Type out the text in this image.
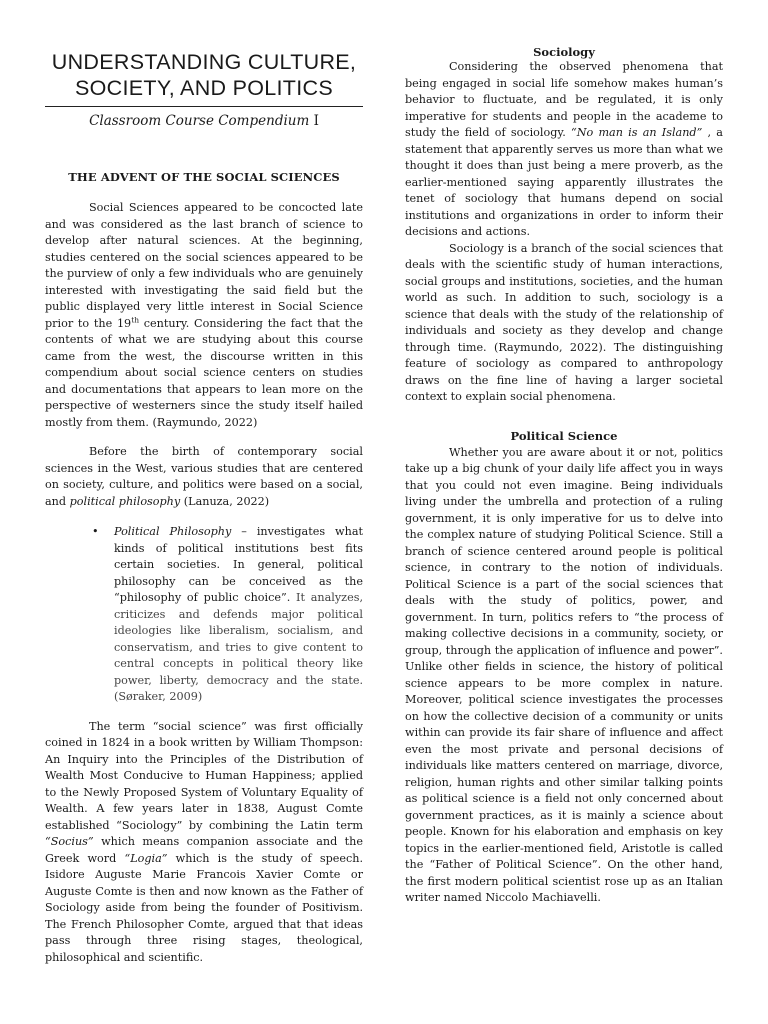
UNDERSTANDING CULTURE, SOCIETY, AND POLITICS
Classroom Course Compendium I
THE ADVENT OF THE SOCIAL SCIENCES

Social Sciences appeared to be concocted late and was considered as the last branch of science to develop after natural sciences. At the beginning, studies centered on the social sciences appeared to be the purview of only a few individuals who are genuinely interested with investigating the said field but the public displayed very little interest in Social Science prior to the 19th century. Considering the fact that the contents of what we are studying about this course came from the west, the discourse written in this compendium about social science centers on studies and documentations that appears to lean more on the perspective of westerners since the study itself hailed mostly from them. (Raymundo, 2022)

Before the birth of contemporary social sciences in the West, various studies that are centered on society, culture, and politics were based on a social, and political philosophy (Lanuza, 2022)

• Political Philosophy – investigates what kinds of political institutions best fits certain societies. In general, political philosophy can be conceived as the “philosophy of public choice”. It analyzes, criticizes and defends major political ideologies like liberalism, socialism, and conservatism, and tries to give content to central concepts in political theory like power, liberty, democracy and the state. (Søraker, 2009)

The term “social science” was first officially coined in 1824 in a book written by William Thompson: An Inquiry into the Principles of the Distribution of Wealth Most Conducive to Human Happiness; applied to the Newly Proposed System of Voluntary Equality of Wealth. A few years later in 1838, August Comte established “Sociology” by combining the Latin term “Socius” which means companion associate and the Greek word “Logia” which is the study of speech. Isidore Auguste Marie Francois Xavier Comte or Auguste Comte is then and now known as the Father of Sociology aside from being the founder of Positivism. The French Philosopher Comte, argued that that ideas pass through three rising stages, theological, philosophical and scientific.

Sociology

Considering the observed phenomena that being engaged in social life somehow makes human’s behavior to fluctuate, and be regulated, it is only imperative for students and people in the academe to study the field of sociology. “No man is an Island” , a statement that apparently serves us more than what we thought it does than just being a mere proverb, as the earlier-mentioned saying apparently illustrates the tenet of sociology that humans depend on social institutions and organizations in order to inform their decisions and actions.

Sociology is a branch of the social sciences that deals with the scientific study of human interactions, social groups and institutions, societies, and the human world as such. In addition to such, sociology is a science that deals with the study of the relationship of individuals and society as they develop and change through time. (Raymundo, 2022). The distinguishing feature of sociology as compared to anthropology draws on the fine line of having a larger societal context to explain social phenomena.

Political Science

Whether you are aware about it or not, politics take up a big chunk of your daily life affect you in ways that you could not even imagine. Being individuals living under the umbrella and protection of a ruling government, it is only imperative for us to delve into the complex nature of studying Political Science. Still a branch of science centered around people is political science, in contrary to the notion of individuals. Political Science is a part of the social sciences that deals with the study of politics, power, and government. In turn, politics refers to “the process of making collective decisions in a community, society, or group, through the application of influence and power”. Unlike other fields in science, the history of political science appears to be more complex in nature. Moreover, political science investigates the processes on how the collective decision of a community or units within can provide its fair share of influence and affect even the most private and personal decisions of individuals like matters centered on marriage, divorce, religion, human rights and other similar talking points as political science is a field not only concerned about government practices, as it is mainly a science about people. Known for his elaboration and emphasis on key topics in the earlier-mentioned field, Aristotle is called the “Father of Political Science”. On the other hand, the first modern political scientist rose up as an Italian writer named Niccolo Machiavelli.
